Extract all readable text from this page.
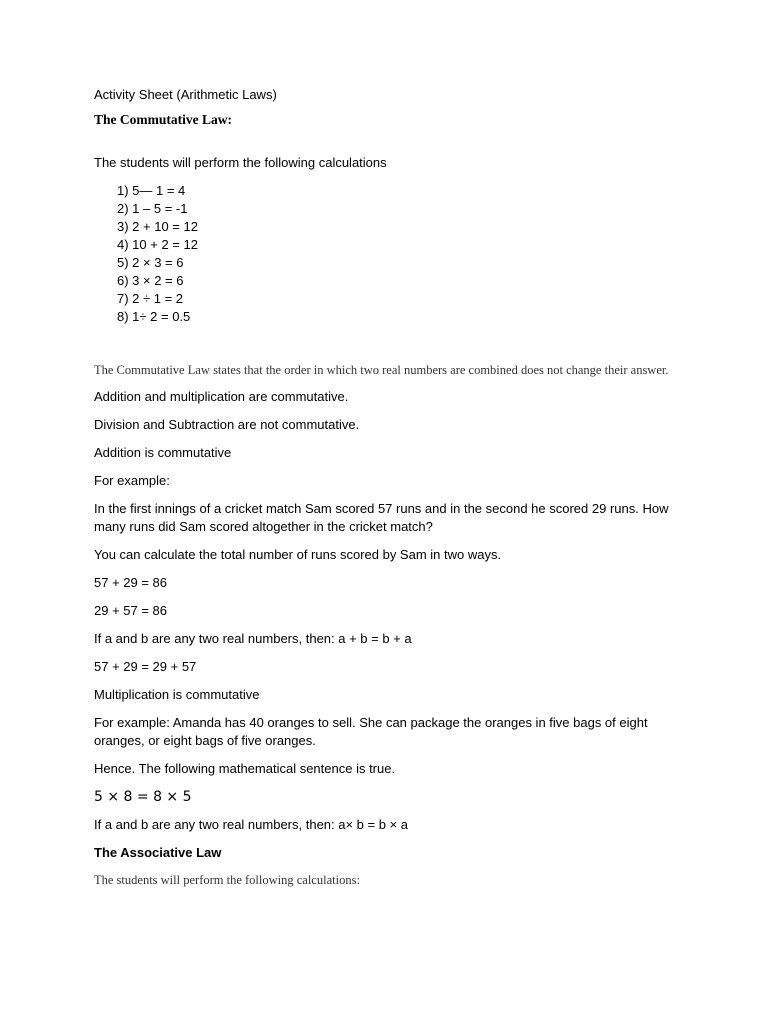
Activity Sheet (Arithmetic Laws)
The Commutative Law:
The students will perform the following calculations
1) 5— 1 = 4
2) 1 – 5 = -1
3) 2 + 10 = 12
4) 10 + 2 = 12
5) 2 × 3 = 6
6) 3 × 2 = 6
7) 2 ÷ 1 = 2
8) 1÷ 2 = 0.5
The Commutative Law states that the order in which two real numbers are combined does not change their answer.
Addition and multiplication are commutative.
Division and Subtraction are not commutative.
Addition is commutative
For example:
In the first innings of a cricket match Sam scored 57 runs and in the second he scored 29 runs. How many runs did Sam scored altogether in the cricket match?
You can calculate the total number of runs scored by Sam in two ways.
57 + 29 = 86
29 + 57 = 86
If a and b are any two real numbers, then: a + b = b + a
57 + 29 = 29 + 57
Multiplication is commutative
For example: Amanda has 40 oranges to sell. She can package the oranges in five bags of eight oranges, or eight bags of five oranges.
Hence. The following mathematical sentence is true.
5 × 8 = 8 × 5
If a and b are any two real numbers, then: a× b = b × a
The Associative Law
The students will perform the following calculations:
